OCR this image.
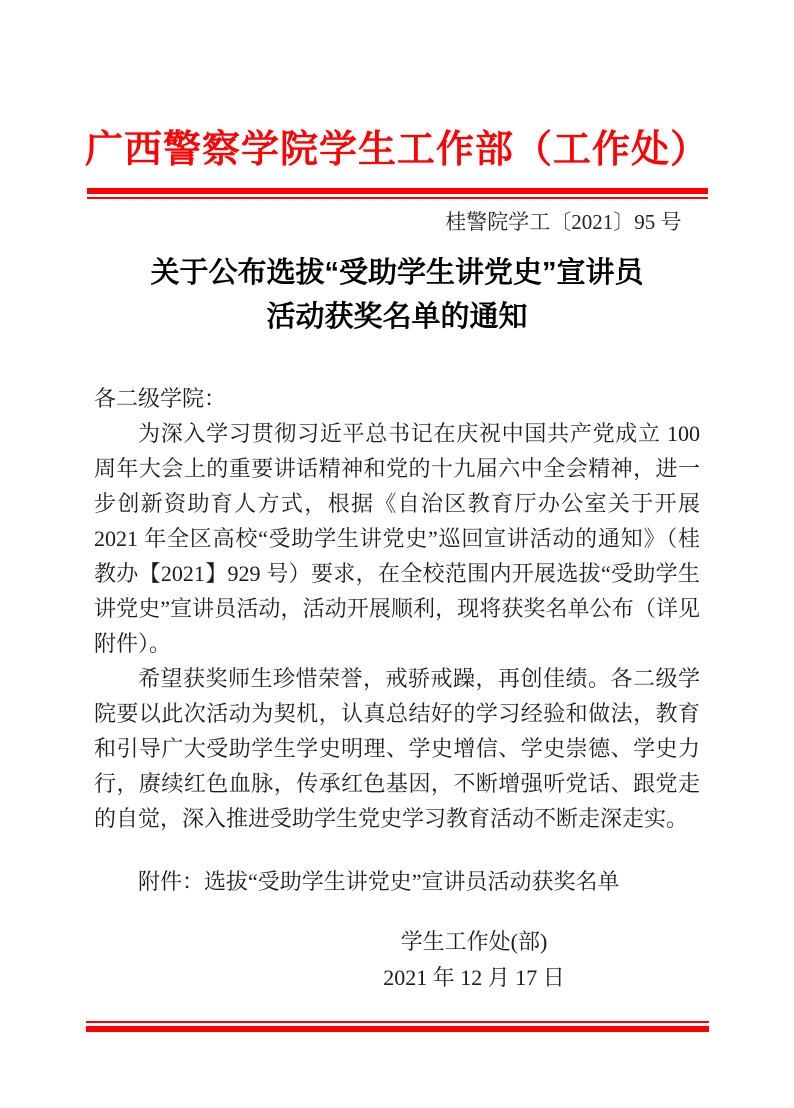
广西警察学院学生工作部（工作处）
桂警院学工〔2021〕95 号
关于公布选拔“受助学生讲党史”宣讲员
活动获奖名单的通知

各二级学院：

为深入学习贯彻习近平总书记在庆祝中国共产党成立 100 周年大会上的重要讲话精神和党的十九届六中全会精神，进一步创新资助育人方式，根据《自治区教育厅办公室关于开展 2021 年全区高校“受助学生讲党史”巡回宣讲活动的通知》（桂教办【2021】929 号）要求，在全校范围内开展选拔“受助学生讲党史”宣讲员活动，活动开展顺利，现将获奖名单公布（详见附件）。

希望获奖师生珍惜荣誉，戒骄戒躁，再创佳绩。各二级学院要以此次活动为契机，认真总结好的学习经验和做法，教育和引导广大受助学生学史明理、学史增信、学史崇德、学史力行，赓续红色血脉，传承红色基因，不断增强听党话、跟党走的自觉，深入推进受助学生党史学习教育活动不断走深走实。

附件：选拔“受助学生讲党史”宣讲员活动获奖名单
学生工作处(部)
2021 年 12 月 17 日
